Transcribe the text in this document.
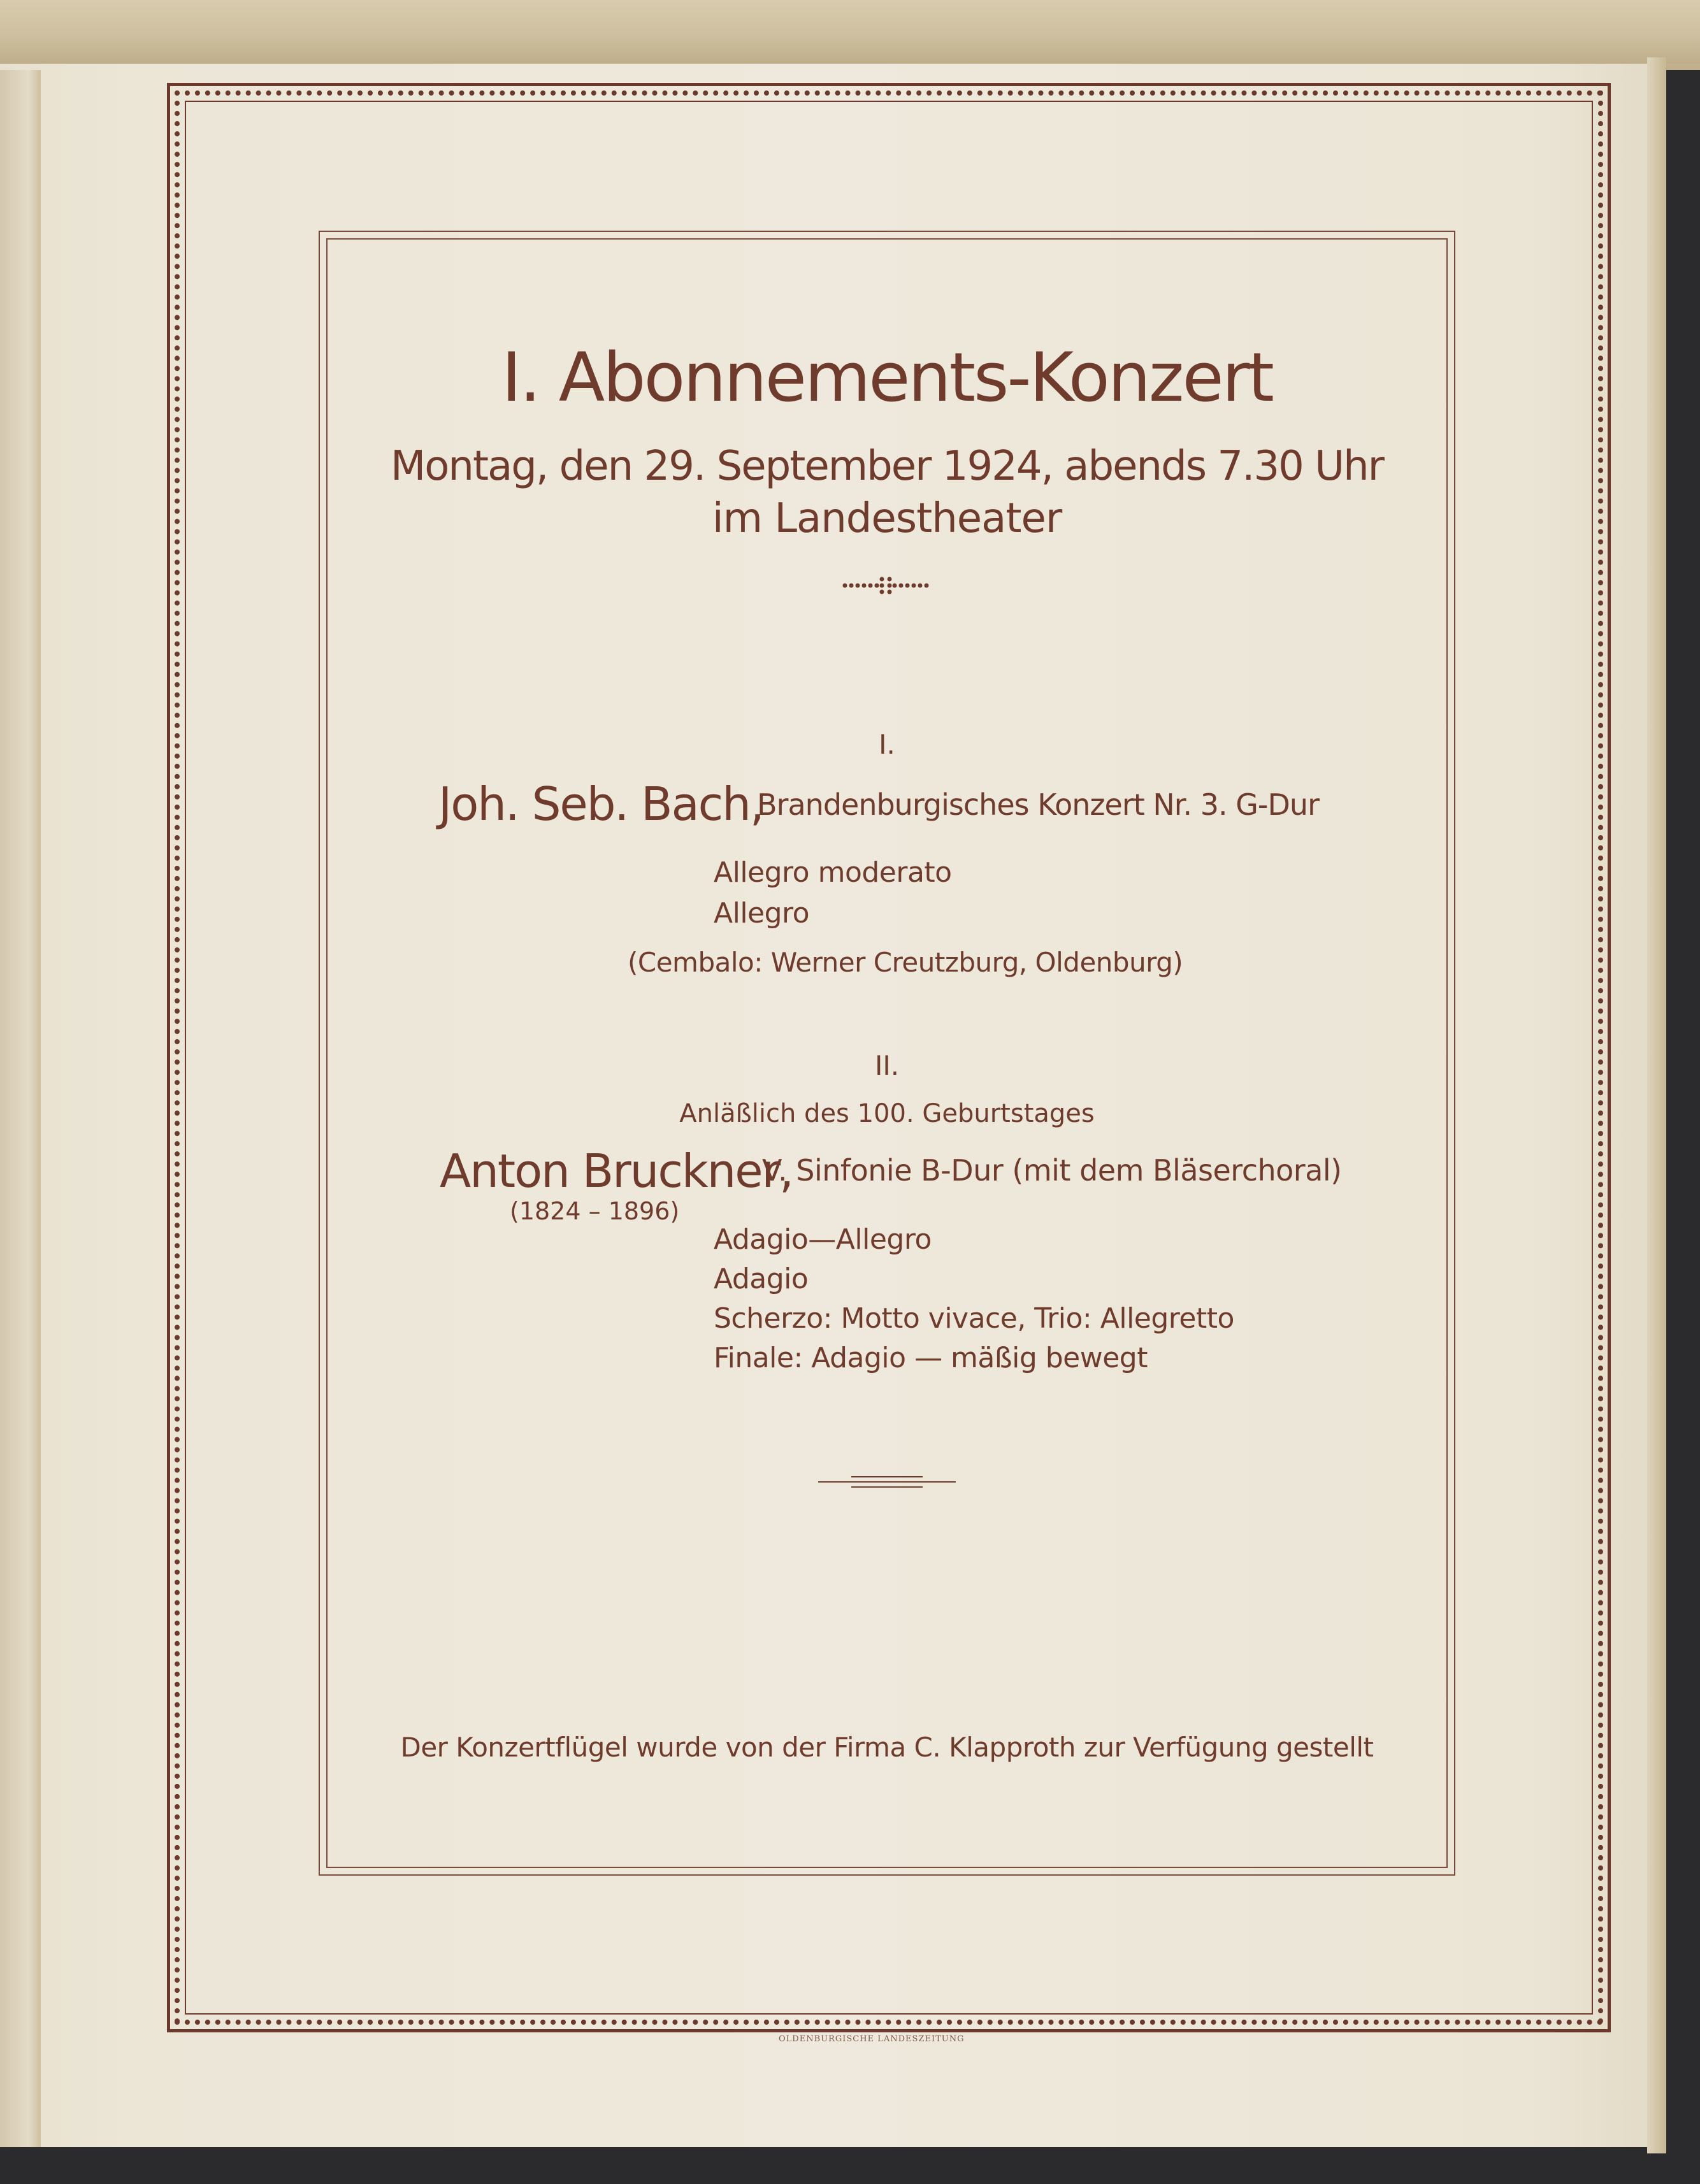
I. Abonnements-Konzert
Montag, den 29. September 1924, abends 7.30 Uhr
im Landestheater
I.
Joh. Seb. Bach,
Brandenburgisches Konzert Nr. 3. G-Dur
Allegro moderato
Allegro
(Cembalo: Werner Creutzburg, Oldenburg)
II.
Anläßlich des 100. Geburtstages
Anton Bruckner,
V. Sinfonie B-Dur (mit dem Bläserchoral)
(1824 – 1896)
Adagio—Allegro
Adagio
Scherzo: Motto vivace, Trio: Allegretto
Finale: Adagio — mäßig bewegt
Der Konzertflügel wurde von der Firma C. Klapproth zur Verfügung gestellt
OLDENBURGISCHE LANDESZEITUNG
